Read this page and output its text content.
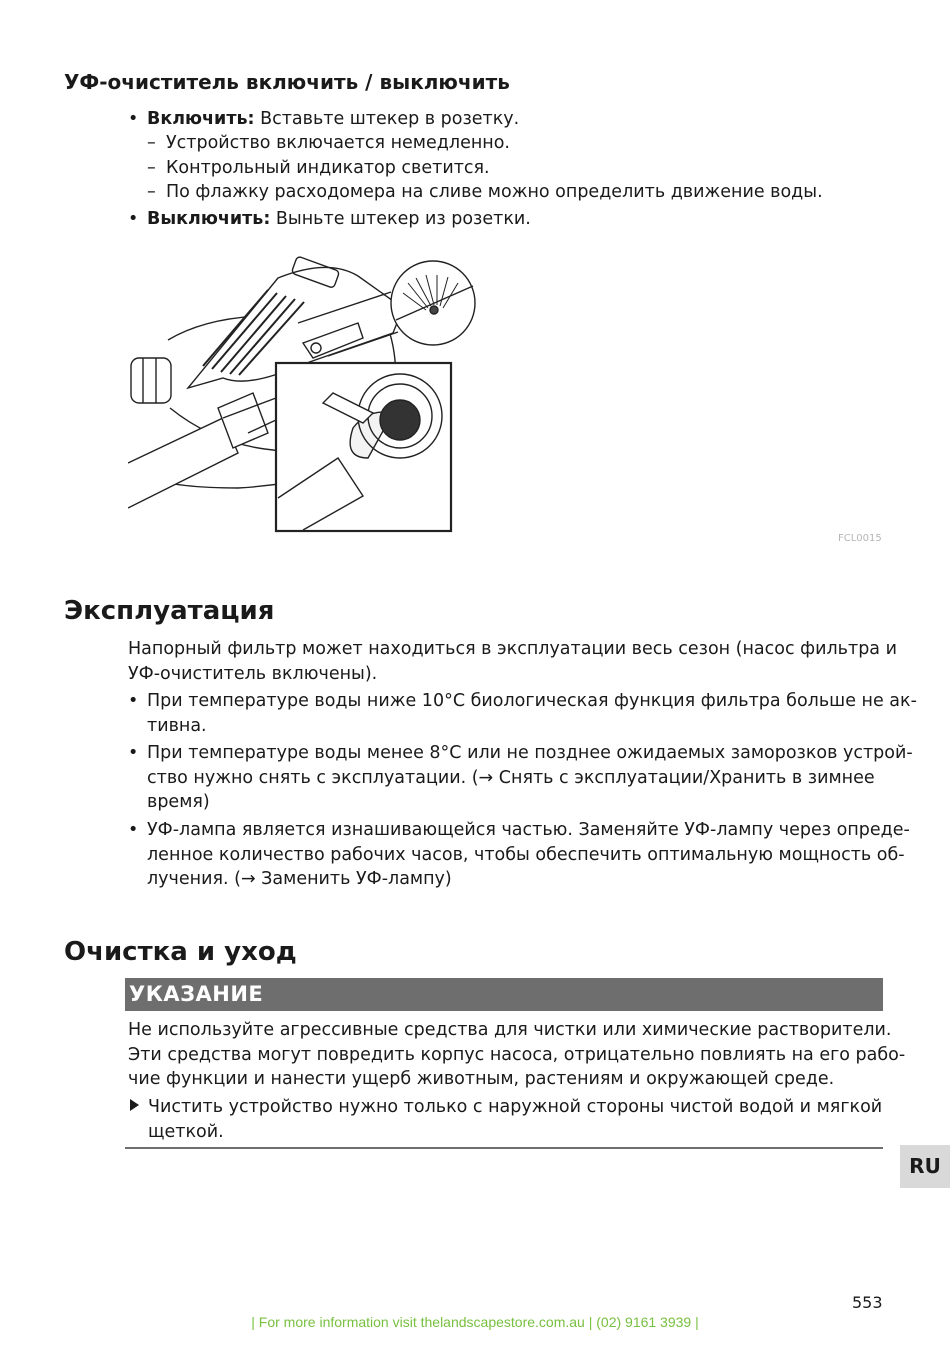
УФ-очиститель включить / выключить
• Включить: Вставьте штекер в розетку.
– Устройство включается немедленно.
– Контрольный индикатор светится.
– По флажку расходомера на сливе можно определить движение воды.
• Выключить: Выньте штекер из розетки.
FCL0015
Эксплуатация
Напорный фильтр может находиться в эксплуатации весь сезон (насос фильтра и
УФ-очиститель включены).
• При температуре воды ниже 10°C биологическая функция фильтра больше не ак-
тивна.
• При температуре воды менее 8°C или не позднее ожидаемых заморозков устрой-
ство нужно снять с эксплуатации. (→ Снять с эксплуатации/Хранить в зимнее
время)
• УФ-лампа является изнашивающейся частью. Заменяйте УФ-лампу через опреде-
ленное количество рабочих часов, чтобы обеспечить оптимальную мощность об-
лучения. (→ Заменить УФ-лампу)
Очистка и уход
УКАЗАНИЕ
Не используйте агрессивные средства для чистки или химические растворители.
Эти средства могут повредить корпус насоса, отрицательно повлиять на его рабо-
чие функции и нанести ущерб животным, растениям и окружающей среде.
Чистить устройство нужно только с наружной стороны чистой водой и мягкой
щеткой.
RU
553
| For more information visit thelandscapestore.com.au | (02) 9161 3939 |
